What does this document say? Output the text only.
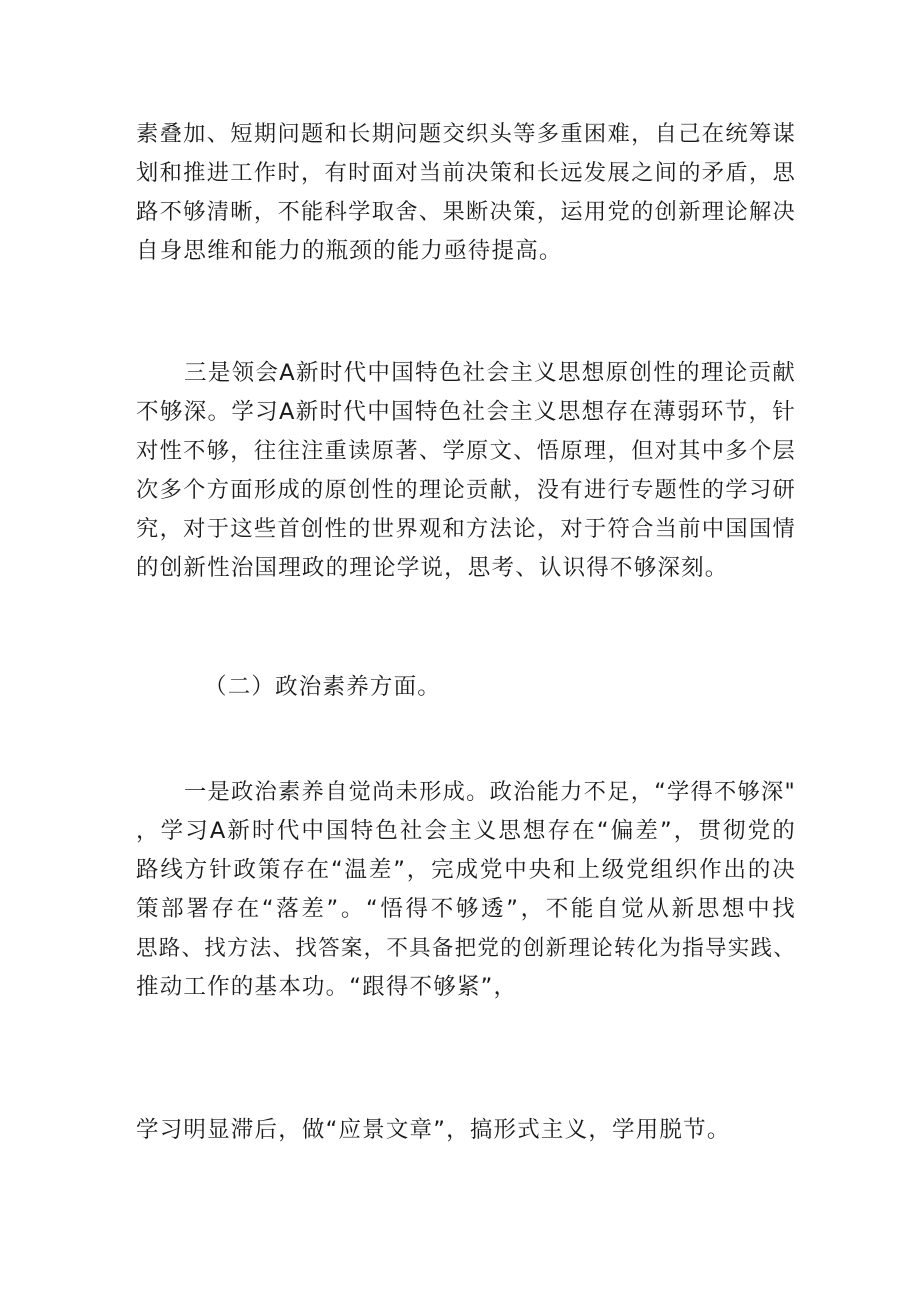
素叠加、短期问题和长期问题交织头等多重困难，自己在统筹谋
划和推进工作时，有时面对当前决策和长远发展之间的矛盾，思
路不够清晰，不能科学取舍、果断决策，运用党的创新理论解决
自身思维和能力的瓶颈的能力亟待提高。
三是领会A新时代中国特色社会主义思想原创性的理论贡献
不够深。学习A新时代中国特色社会主义思想存在薄弱环节，针
对性不够，往往注重读原著、学原文、悟原理，但对其中多个层
次多个方面形成的原创性的理论贡献，没有进行专题性的学习研
究，对于这些首创性的世界观和方法论，对于符合当前中国国情
的创新性治国理政的理论学说，思考、认识得不够深刻。
（二）政治素养方面。
一是政治素养自觉尚未形成。政治能力不足，“学得不够深"
，学习A新时代中国特色社会主义思想存在“偏差”，贯彻党的
路线方针政策存在“温差”，完成党中央和上级党组织作出的决
策部署存在“落差”。“悟得不够透”，不能自觉从新思想中找
思路、找方法、找答案，不具备把党的创新理论转化为指导实践、
推动工作的基本功。“跟得不够紧”，
学习明显滞后，做“应景文章”，搞形式主义，学用脱节。
